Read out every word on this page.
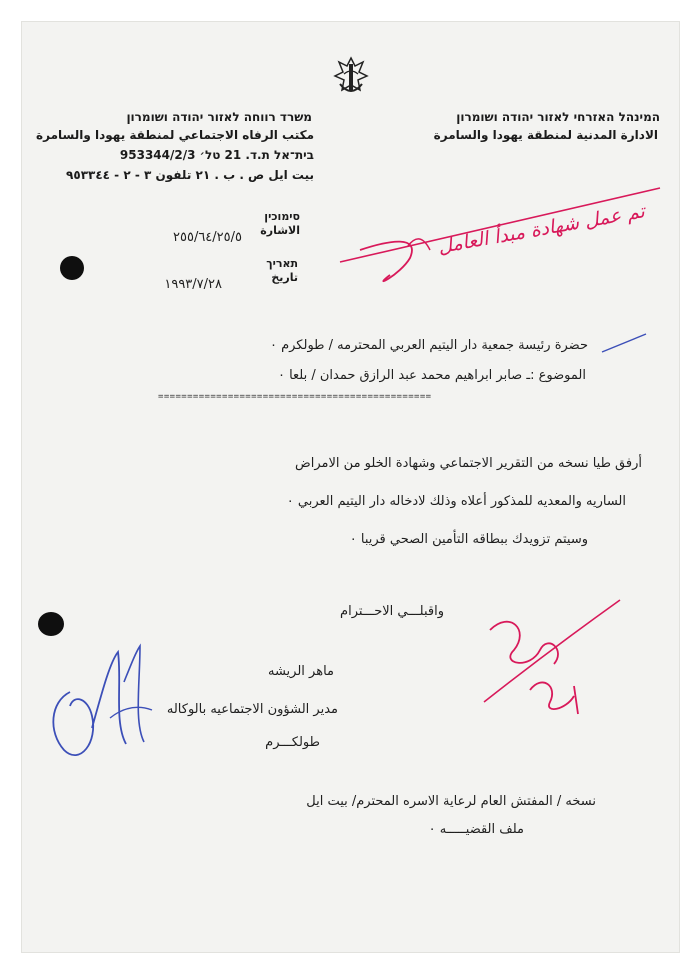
המינהל האזרחי לאזור יהודה ושומרון
الادارة المدنية لمنطقة يهودا والسامرة
משרד רווחה לאזור יהודה ושומרון
مكتب الرفاه الاجتماعي لمنطقة يهودا والسامرة
בית־אל ת.ד. 21 טל׳ 953344/2/3
بيت ايل ص . ب . ٢١ تلفون ٣ - ٢ - ٩٥٣٣٤٤
סימוכין
الاشارة
٢٥٥/٦٤/٢٥/٥
תאריך
تاريخ
١٩٩٣/٧/٢٨
تم عمل شهادة مبدأ العامل
حضرة رئيسة جمعية دار اليتيم العربي المحترمه / طولكرم ٠
الموضوع :ـ صابر ابراهيم محمد عبد الرازق حمدان / بلعا ٠
===============================================
أرفق طيا نسخه من التقرير الاجتماعي وشهادة الخلو من الامراض
الساريه والمعديه للمذكور أعلاه وذلك لادخاله دار اليتيم العربي ٠
وسيتم تزويدك ببطاقه التأمين الصحي قريبا ٠
واقبلـــي الاحـــترام
ماهر الريشه
مدير الشؤون الاجتماعيه بالوكاله
طولكـــرم
نسخه / المفتش العام لرعاية الاسره المحترم/ بيت ايل
ملف القضيـــــه ٠
